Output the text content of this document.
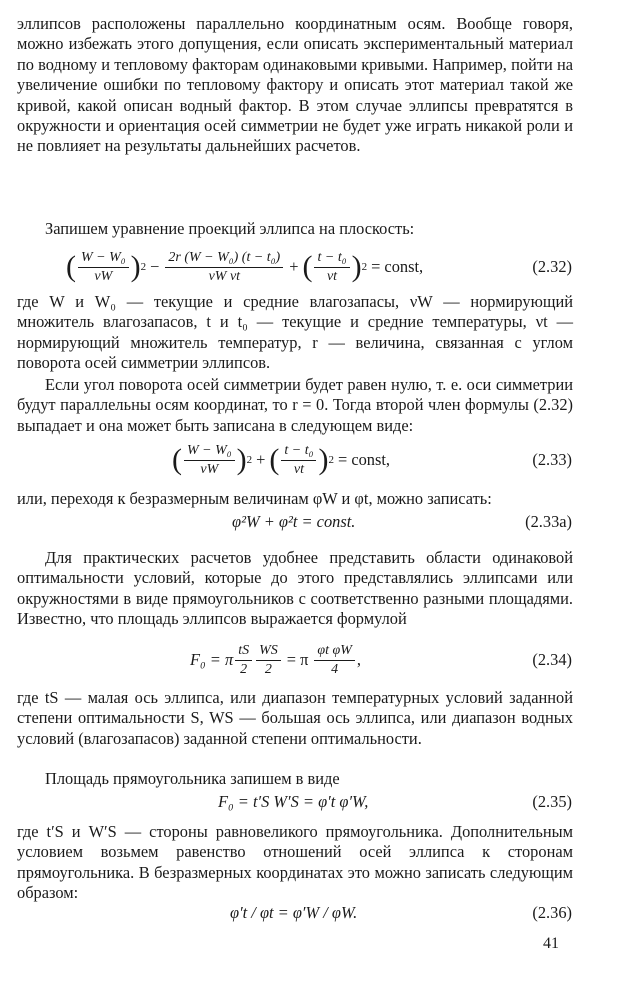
эллипсов расположены параллельно координатным осям. Вообще говоря, можно избежать этого допущения, если описать экспериментальный материал по водному и тепловому факторам одинаковыми кривыми. Например, пойти на увеличение ошибки по тепловому фактору и описать этот материал такой же кривой, какой описан водный фактор. В этом случае эллипсы превратятся в окружности и ориентация осей симметрии не будет уже играть никакой роли и не повлияет на результаты дальнейших расчетов.

Запишем уравнение проекций эллипса на плоскость:

( $\frac{\text{W − W₀}}{\nu W}$ ) $2 - \frac{\text{2r (W − W₀) (t − t₀)}}{\text{νW νt}}$ + ( $\frac{\text{t − t₀}}{\nu t}$ ) 2 = const,	(2.32)

где W и W₀ — текущие и средние влагозапасы, νW — нормирующий множитель влагозапасов, t и t₀ — текущие и средние температуры, νt — нормирующий множитель температур, r — величина, связанная с углом поворота осей симметрии эллипсов.

Если угол поворота осей симметрии будет равен нулю, т. е. оси симметрии будут параллельны осям координат, то r = 0. Тогда второй член формулы (2.32) выпадает и она может быть записана в следующем виде:

( $\frac{\text{W − W₀}}{\nu W}$ ) 2 + ( $\frac{\text{t − t₀}}{\nu t}$ ) 2 = const,	(2.33)

или, переходя к безразмерным величинам φW и φt, можно записать:

φ²W + φ²t = const.	(2.33а)

Для практических расчетов удобнее представить области одинаковой оптимальности условий, которые до этого представлялись эллипсами или окружностями в виде прямоугольников с соответственно разными площадями. Известно, что площадь эллипсов выражается формулой

F₀ = π $\frac{tS}{2} \frac{WS}{2} = \pi \frac{\text{φt φW}}{4}$ ,	(2.34)

где tS — малая ось эллипса, или диапазон температурных условий заданной степени оптимальности S, WS — большая ось эллипса, или диапазон водных условий (влагозапасов) заданной степени оптимальности.

Площадь прямоугольника запишем в виде

F₀ = t′S W′S = φ′t φ′W,	(2.35)

где t′S и W′S — стороны равновеликого прямоугольника. Дополнительным условием возьмем равенство отношений осей эллипса к сторонам прямоугольника. В безразмерных координатах это можно записать следующим образом:

φ′t / φt = φ′W / φW.	(2.36)
41
